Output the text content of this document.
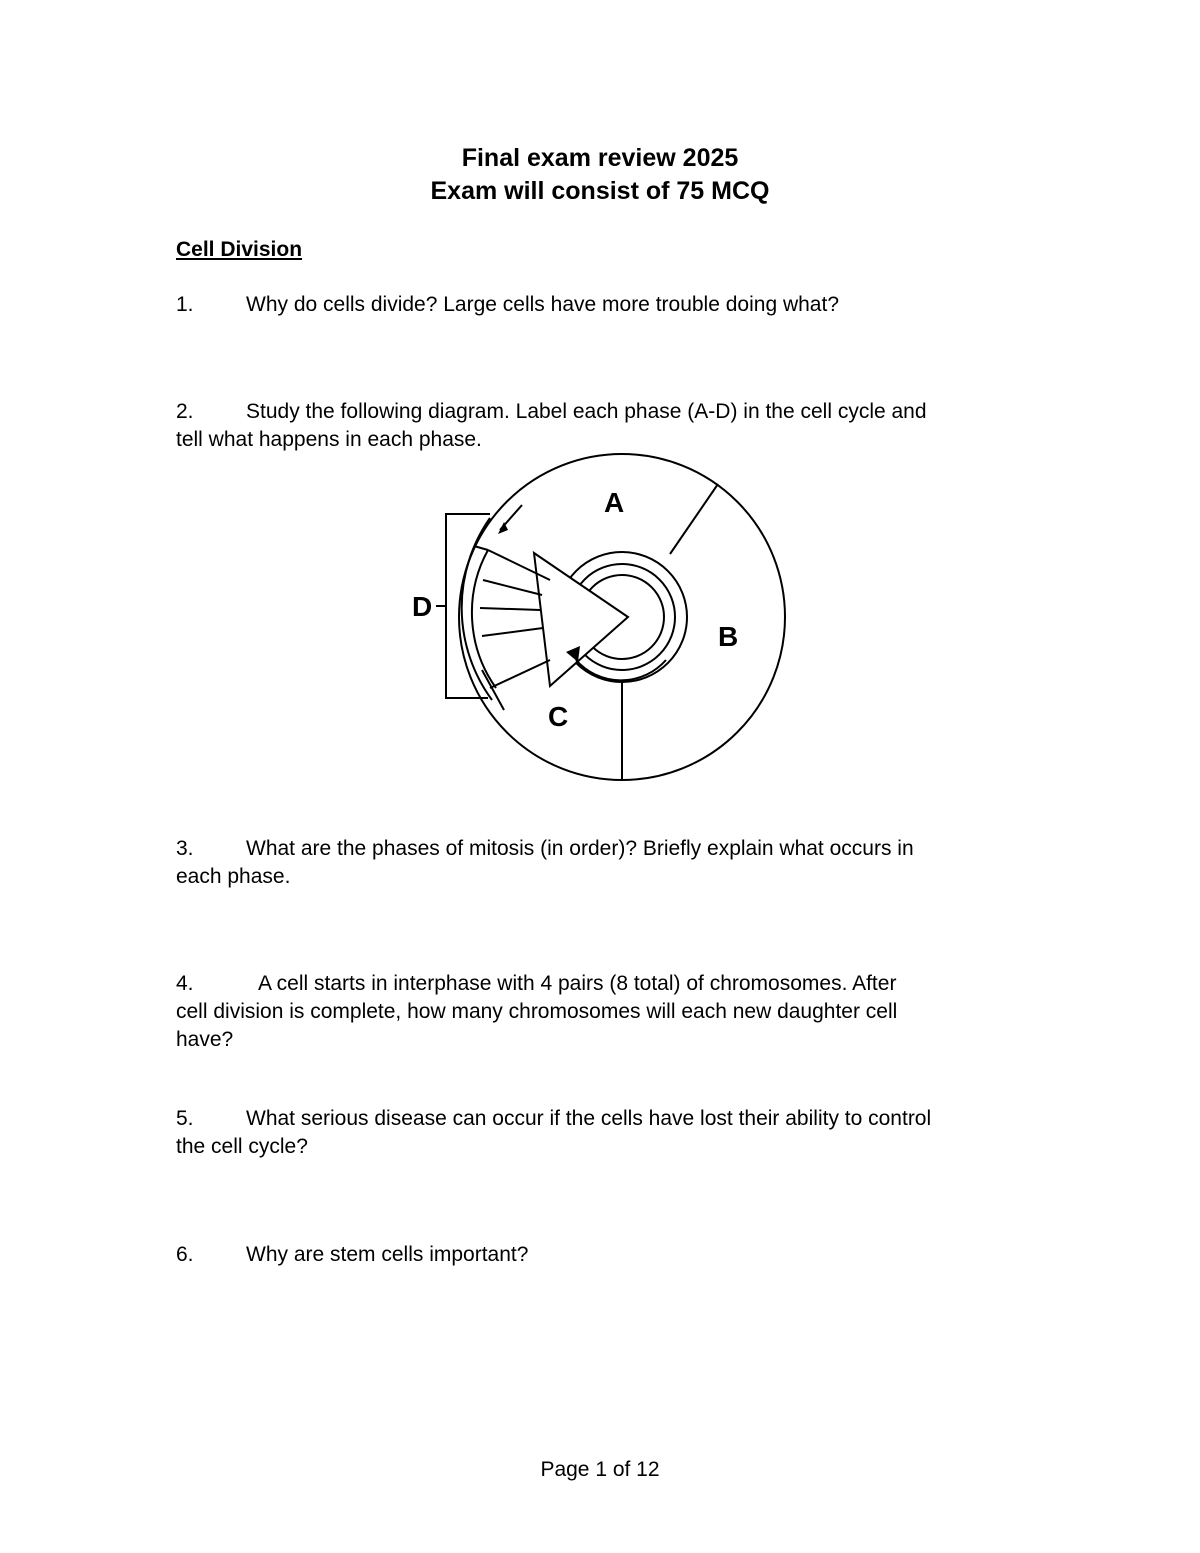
Final exam review 2025
Exam will consist of 75 MCQ
Cell Division
1. Why do cells divide? Large cells have more trouble doing what?
2. Study the following diagram. Label each phase (A-D) in the cell cycle and
tell what happens in each phase.
A
B
C
D
3. What are the phases of mitosis (in order)? Briefly explain what occurs in
each phase.
4.	A cell starts in interphase with 4 pairs (8 total) of chromosomes. After
cell division is complete, how many chromosomes will each new daughter cell
have?
5. What serious disease can occur if the cells have lost their ability to control
the cell cycle?
6. Why are stem cells important?
Page 1 of 12
